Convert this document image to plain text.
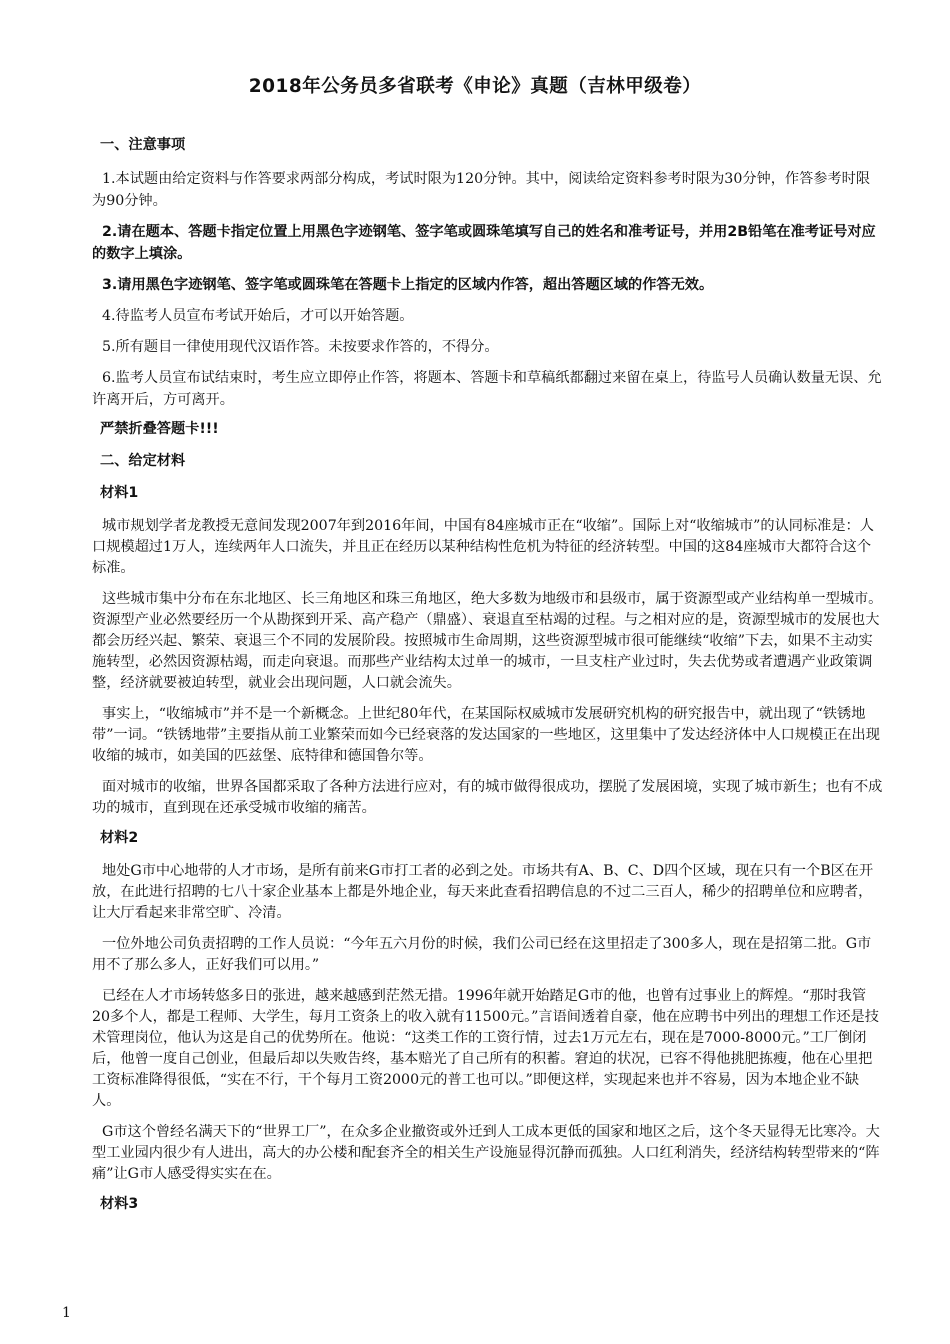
2018年公务员多省联考《申论》真题（吉林甲级卷）
一、注意事项

1.本试题由给定资料与作答要求两部分构成，考试时限为120分钟。其中，阅读给定资料参考时限为30分钟，作答参考时限为90分钟。

2.请在题本、答题卡指定位置上用黑色字迹钢笔、签字笔或圆珠笔填写自己的姓名和准考证号，并用2B铅笔在准考证号对应的数字上填涂。

3.请用黑色字迹钢笔、签字笔或圆珠笔在答题卡上指定的区域内作答，超出答题区域的作答无效。

4.待监考人员宣布考试开始后，才可以开始答题。

5.所有题目一律使用现代汉语作答。未按要求作答的，不得分。

6.监考人员宣布试结束时，考生应立即停止作答，将题本、答题卡和草稿纸都翻过来留在桌上，待监号人员确认数量无误、允许离开后，方可离开。

严禁折叠答题卡!!!
二、给定材料
材料1

城市规划学者龙教授无意间发现2007年到2016年间，中国有84座城市正在“收缩”。国际上对“收缩城市”的认同标准是：人口规模超过1万人，连续两年人口流失，并且正在经历以某种结构性危机为特征的经济转型。中国的这84座城市大都符合这个标准。

这些城市集中分布在东北地区、长三角地区和珠三角地区，绝大多数为地级市和县级市，属于资源型或产业结构单一型城市。资源型产业必然要经历一个从勘探到开采、高产稳产（鼎盛）、衰退直至枯竭的过程。与之相对应的是，资源型城市的发展也大都会历经兴起、繁荣、衰退三个不同的发展阶段。按照城市生命周期，这些资源型城市很可能继续“收缩”下去，如果不主动实施转型，必然因资源枯竭，而走向衰退。而那些产业结构太过单一的城市，一旦支柱产业过时，失去优势或者遭遇产业政策调整，经济就要被迫转型，就业会出现问题，人口就会流失。

事实上，“收缩城市”并不是一个新概念。上世纪80年代，在某国际权威城市发展研究机构的研究报告中，就出现了“铁锈地带”一词。“铁锈地带”主要指从前工业繁荣而如今已经衰落的发达国家的一些地区，这里集中了发达经济体中人口规模正在出现收缩的城市，如美国的匹兹堡、底特律和德国鲁尔等。

面对城市的收缩，世界各国都采取了各种方法进行应对，有的城市做得很成功，摆脱了发展困境，实现了城市新生；也有不成功的城市，直到现在还承受城市收缩的痛苦。

材料2

地处G市中心地带的人才市场，是所有前来G市打工者的必到之处。市场共有A、B、C、D四个区域，现在只有一个B区在开放，在此进行招聘的七八十家企业基本上都是外地企业，每天来此查看招聘信息的不过二三百人，稀少的招聘单位和应聘者，让大厅看起来非常空旷、冷清。

一位外地公司负责招聘的工作人员说：“今年五六月份的时候，我们公司已经在这里招走了300多人，现在是招第二批。G市用不了那么多人，正好我们可以用。”

已经在人才市场转悠多日的张进，越来越感到茫然无措。1996年就开始踏足G市的他，也曾有过事业上的辉煌。“那时我管20多个人，都是工程师、大学生，每月工资条上的收入就有11500元。”言语间透着自豪，他在应聘书中列出的理想工作还是技术管理岗位，他认为这是自己的优势所在。他说：“这类工作的工资行情，过去1万元左右，现在是7000-8000元。”工厂倒闭后，他曾一度自己创业，但最后却以失败告终，基本赔光了自己所有的积蓄。窘迫的状况，已容不得他挑肥拣瘦，他在心里把工资标准降得很低，“实在不行，干个每月工资2000元的普工也可以。”即便这样，实现起来也并不容易，因为本地企业不缺人。

G市这个曾经名满天下的“世界工厂”，在众多企业撤资或外迁到人工成本更低的国家和地区之后，这个冬天显得无比寒冷。大型工业园内很少有人进出，高大的办公楼和配套齐全的相关生产设施显得沉静而孤独。人口红利消失，经济结构转型带来的“阵痛”让G市人感受得实实在在。

材料3
1
